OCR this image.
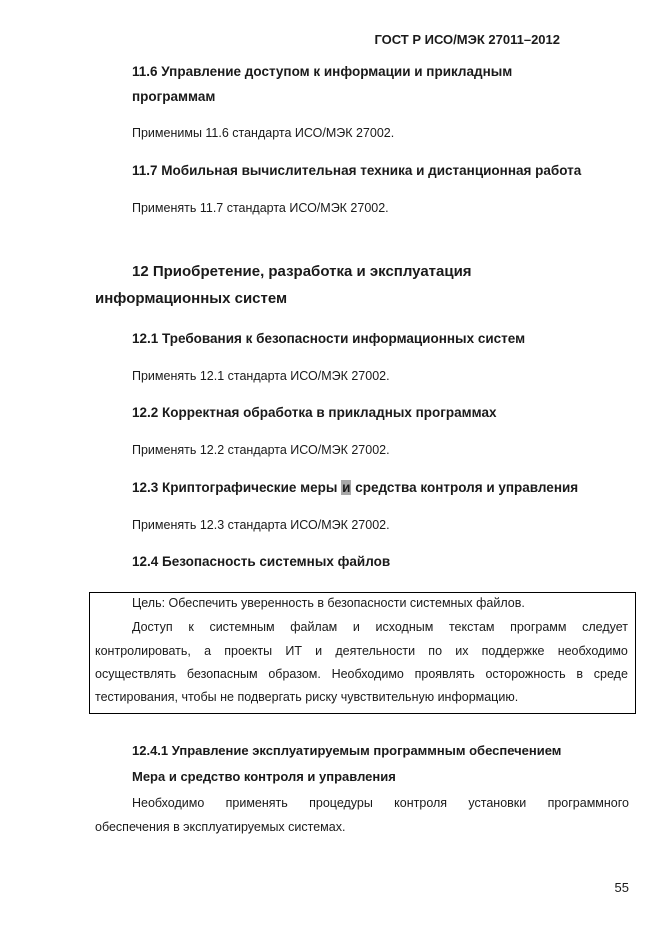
ГОСТ Р ИСО/МЭК 27011–2012
11.6 Управление доступом к информации и прикладным
программам
Применимы 11.6 стандарта ИСО/МЭК 27002.
11.7 Мобильная вычислительная техника и дистанционная работа
Применять 11.7 стандарта ИСО/МЭК 27002.
12 Приобретение, разработка и эксплуатация
информационных систем
12.1 Требования к безопасности информационных систем
Применять 12.1 стандарта ИСО/МЭК 27002.
12.2 Корректная обработка в прикладных программах
Применять 12.2 стандарта ИСО/МЭК 27002.
12.3 Криптографические меры и средства контроля и управления
Применять 12.3 стандарта ИСО/МЭК 27002.
12.4 Безопасность системных файлов
Цель: Обеспечить уверенность в безопасности системных файлов.
Доступ к системным файлам и исходным текстам программ следует
контролировать, а проекты ИТ и деятельности по их поддержке необходимо
осуществлять безопасным образом. Необходимо проявлять осторожность в среде
тестирования, чтобы не подвергать риску чувствительную информацию.
12.4.1 Управление эксплуатируемым программным обеспечением
Мера и средство контроля и управления
Необходимо применять процедуры контроля установки программного
обеспечения в эксплуатируемых системах.
55
